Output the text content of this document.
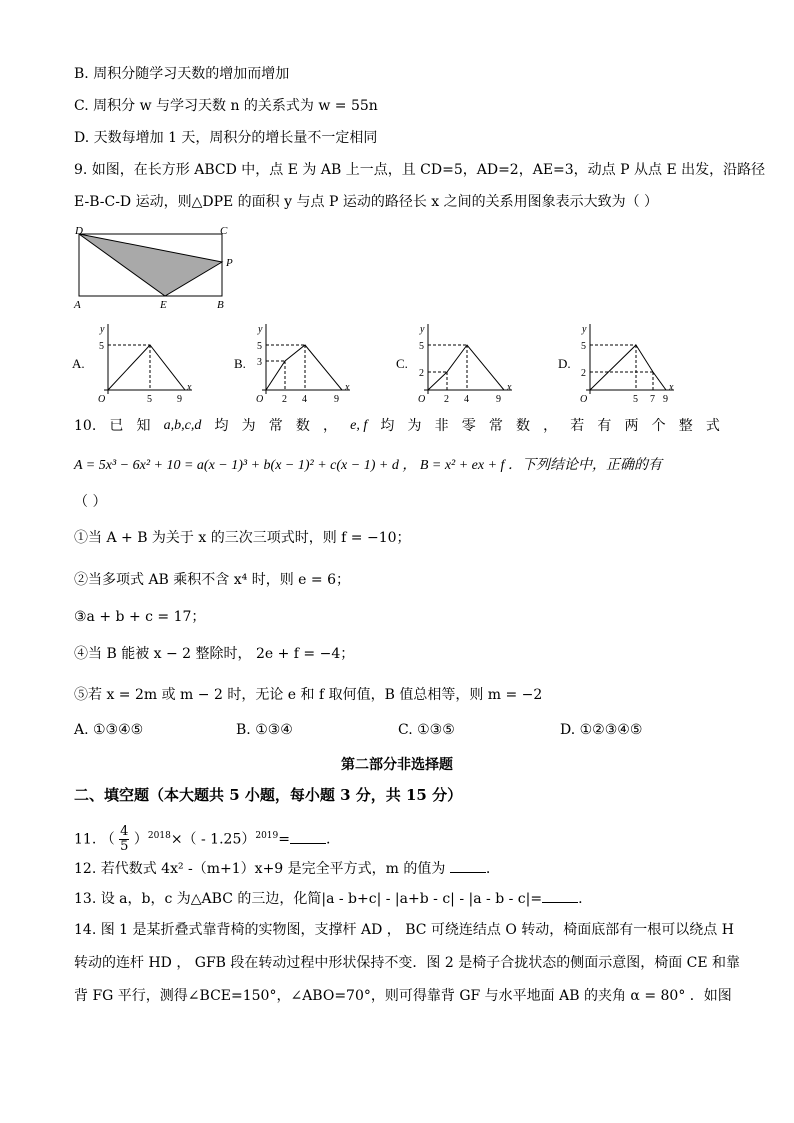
B. 周积分随学习天数的增加而增加
C. 周积分 w 与学习天数 n 的关系式为 w = 55n
D. 天数每增加 1 天，周积分的增长量不一定相同
9. 如图，在长方形 ABCD 中，点 E 为 AB 上一点，且 CD=5，AD=2，AE=3，动点 P 从点 E 出发，沿路径
E-B-C-D 运动，则△DPE 的面积 y 与点 P 运动的路径长 x 之间的关系用图象表示大致为（ ）
D	C
P
A	E	B
A.
y
x
O
5
5	9
B.
y
x
O
5
3
2 4	9
C.
y
x
O
5
2
2 4	9
D.
y
x
O
5
2
5 7 9
10. 已 知 a,b,c,d 均 为 常 数 ， e, f 均 为 非 零 常 数 ， 若 有 两 个 整 式
A = 5x³ − 6x² + 10 = a(x − 1)³ + b(x − 1)² + c(x − 1) + d ， B = x² + ex + f ．下列结论中，正确的有
（ ）
①当 A + B 为关于 x 的三次三项式时，则 f = −10；
②当多项式 AB 乘积不含 x⁴ 时，则 e = 6；
③a + b + c = 17；
④当 B 能被 x − 2 整除时， 2e + f = −4；
⑤若 x = 2m 或 m − 2 时，无论 e 和 f 取何值，B 值总相等，则 m = −2
A. ①③④⑤	B. ①③④	C. ①③⑤	D. ①②③④⑤
第二部分非选择题
二、填空题（本大题共 5 小题，每小题 3 分，共 15 分）
11. （ $\frac{4}{5} )^{2018}\times( - 1.25)^{2019}=$	.
12. 若代数式 4x² -（m+1）x+9 是完全平方式，m 的值为	.
13. 设 a，b，c 为△ABC 的三边，化简|a - b+c| - |a+b - c| - |a - b - c|=	.
14. 图 1 是某折叠式靠背椅的实物图，支撑杆 AD ， BC 可绕连结点 O 转动，椅面底部有一根可以绕点 H
转动的连杆 HD ， GFB 段在转动过程中形状保持不变．图 2 是椅子合拢状态的侧面示意图，椅面 CE 和靠
背 FG 平行，测得∠BCE=150°，∠ABO=70°，则可得靠背 GF 与水平地面 AB 的夹角 α = 80° ．如图
